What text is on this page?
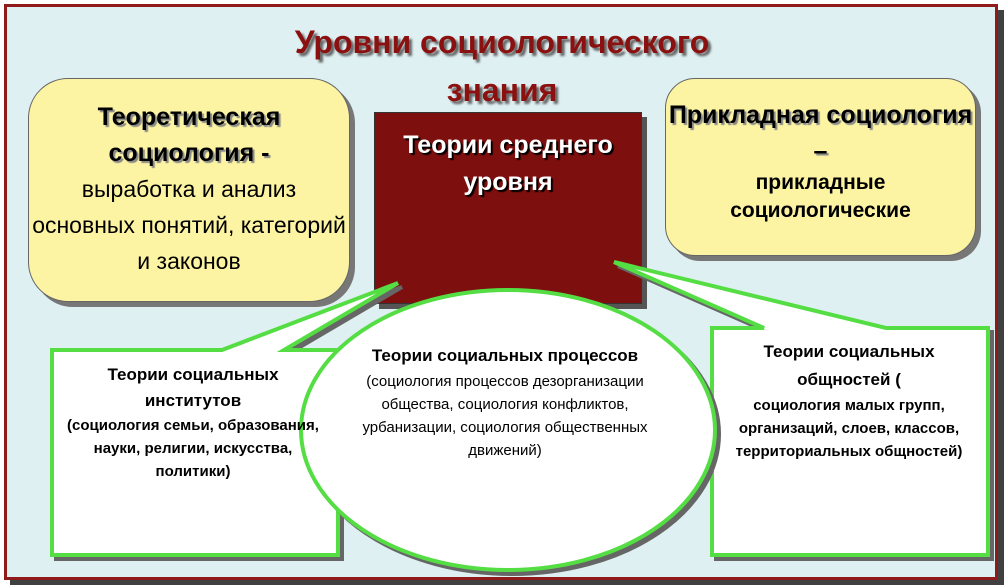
Уровни социологического
знания
Теоретическая социология -
выработка и анализ основных понятий, категорий и законов
Прикладная социология –
прикладные социологические
Теории среднего уровня
Теории социальных институтов
(социология семьи, образования, науки, религии, искусства, политики)
Теории социальных процессов
(социология процессов дезорганизации общества, социология конфликтов, урбанизации, социология общественных движений)
Теории социальных общностей (
социология малых групп, организаций, слоев, классов, территориальных общностей)
